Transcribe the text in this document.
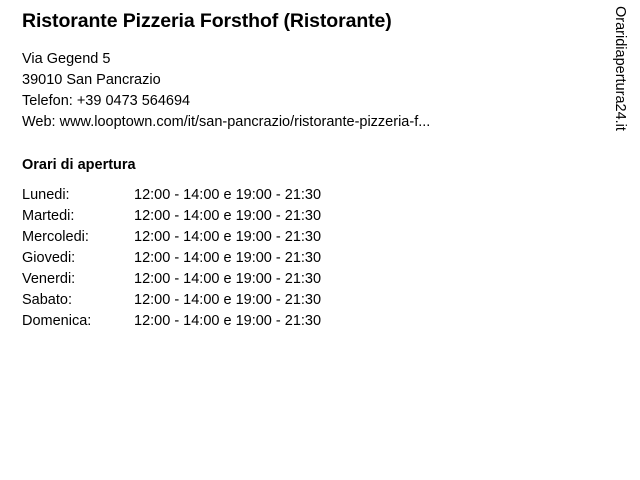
Ristorante Pizzeria Forsthof (Ristorante)

Via Gegend 5

39010 San Pancrazio

Telefon: +39 0473 564694

Web: www.looptown.com/it/san-pancrazio/ristorante-pizzeria-f...

Orari di apertura
Lunedi:	12:00 - 14:00 e 19:00 - 21:30
Martedi:	12:00 - 14:00 e 19:00 - 21:30
Mercoledi:	12:00 - 14:00 e 19:00 - 21:30
Giovedi:	12:00 - 14:00 e 19:00 - 21:30
Venerdi:	12:00 - 14:00 e 19:00 - 21:30
Sabato:	12:00 - 14:00 e 19:00 - 21:30
Domenica:	12:00 - 14:00 e 19:00 - 21:30
Oraridiapertura24.it
